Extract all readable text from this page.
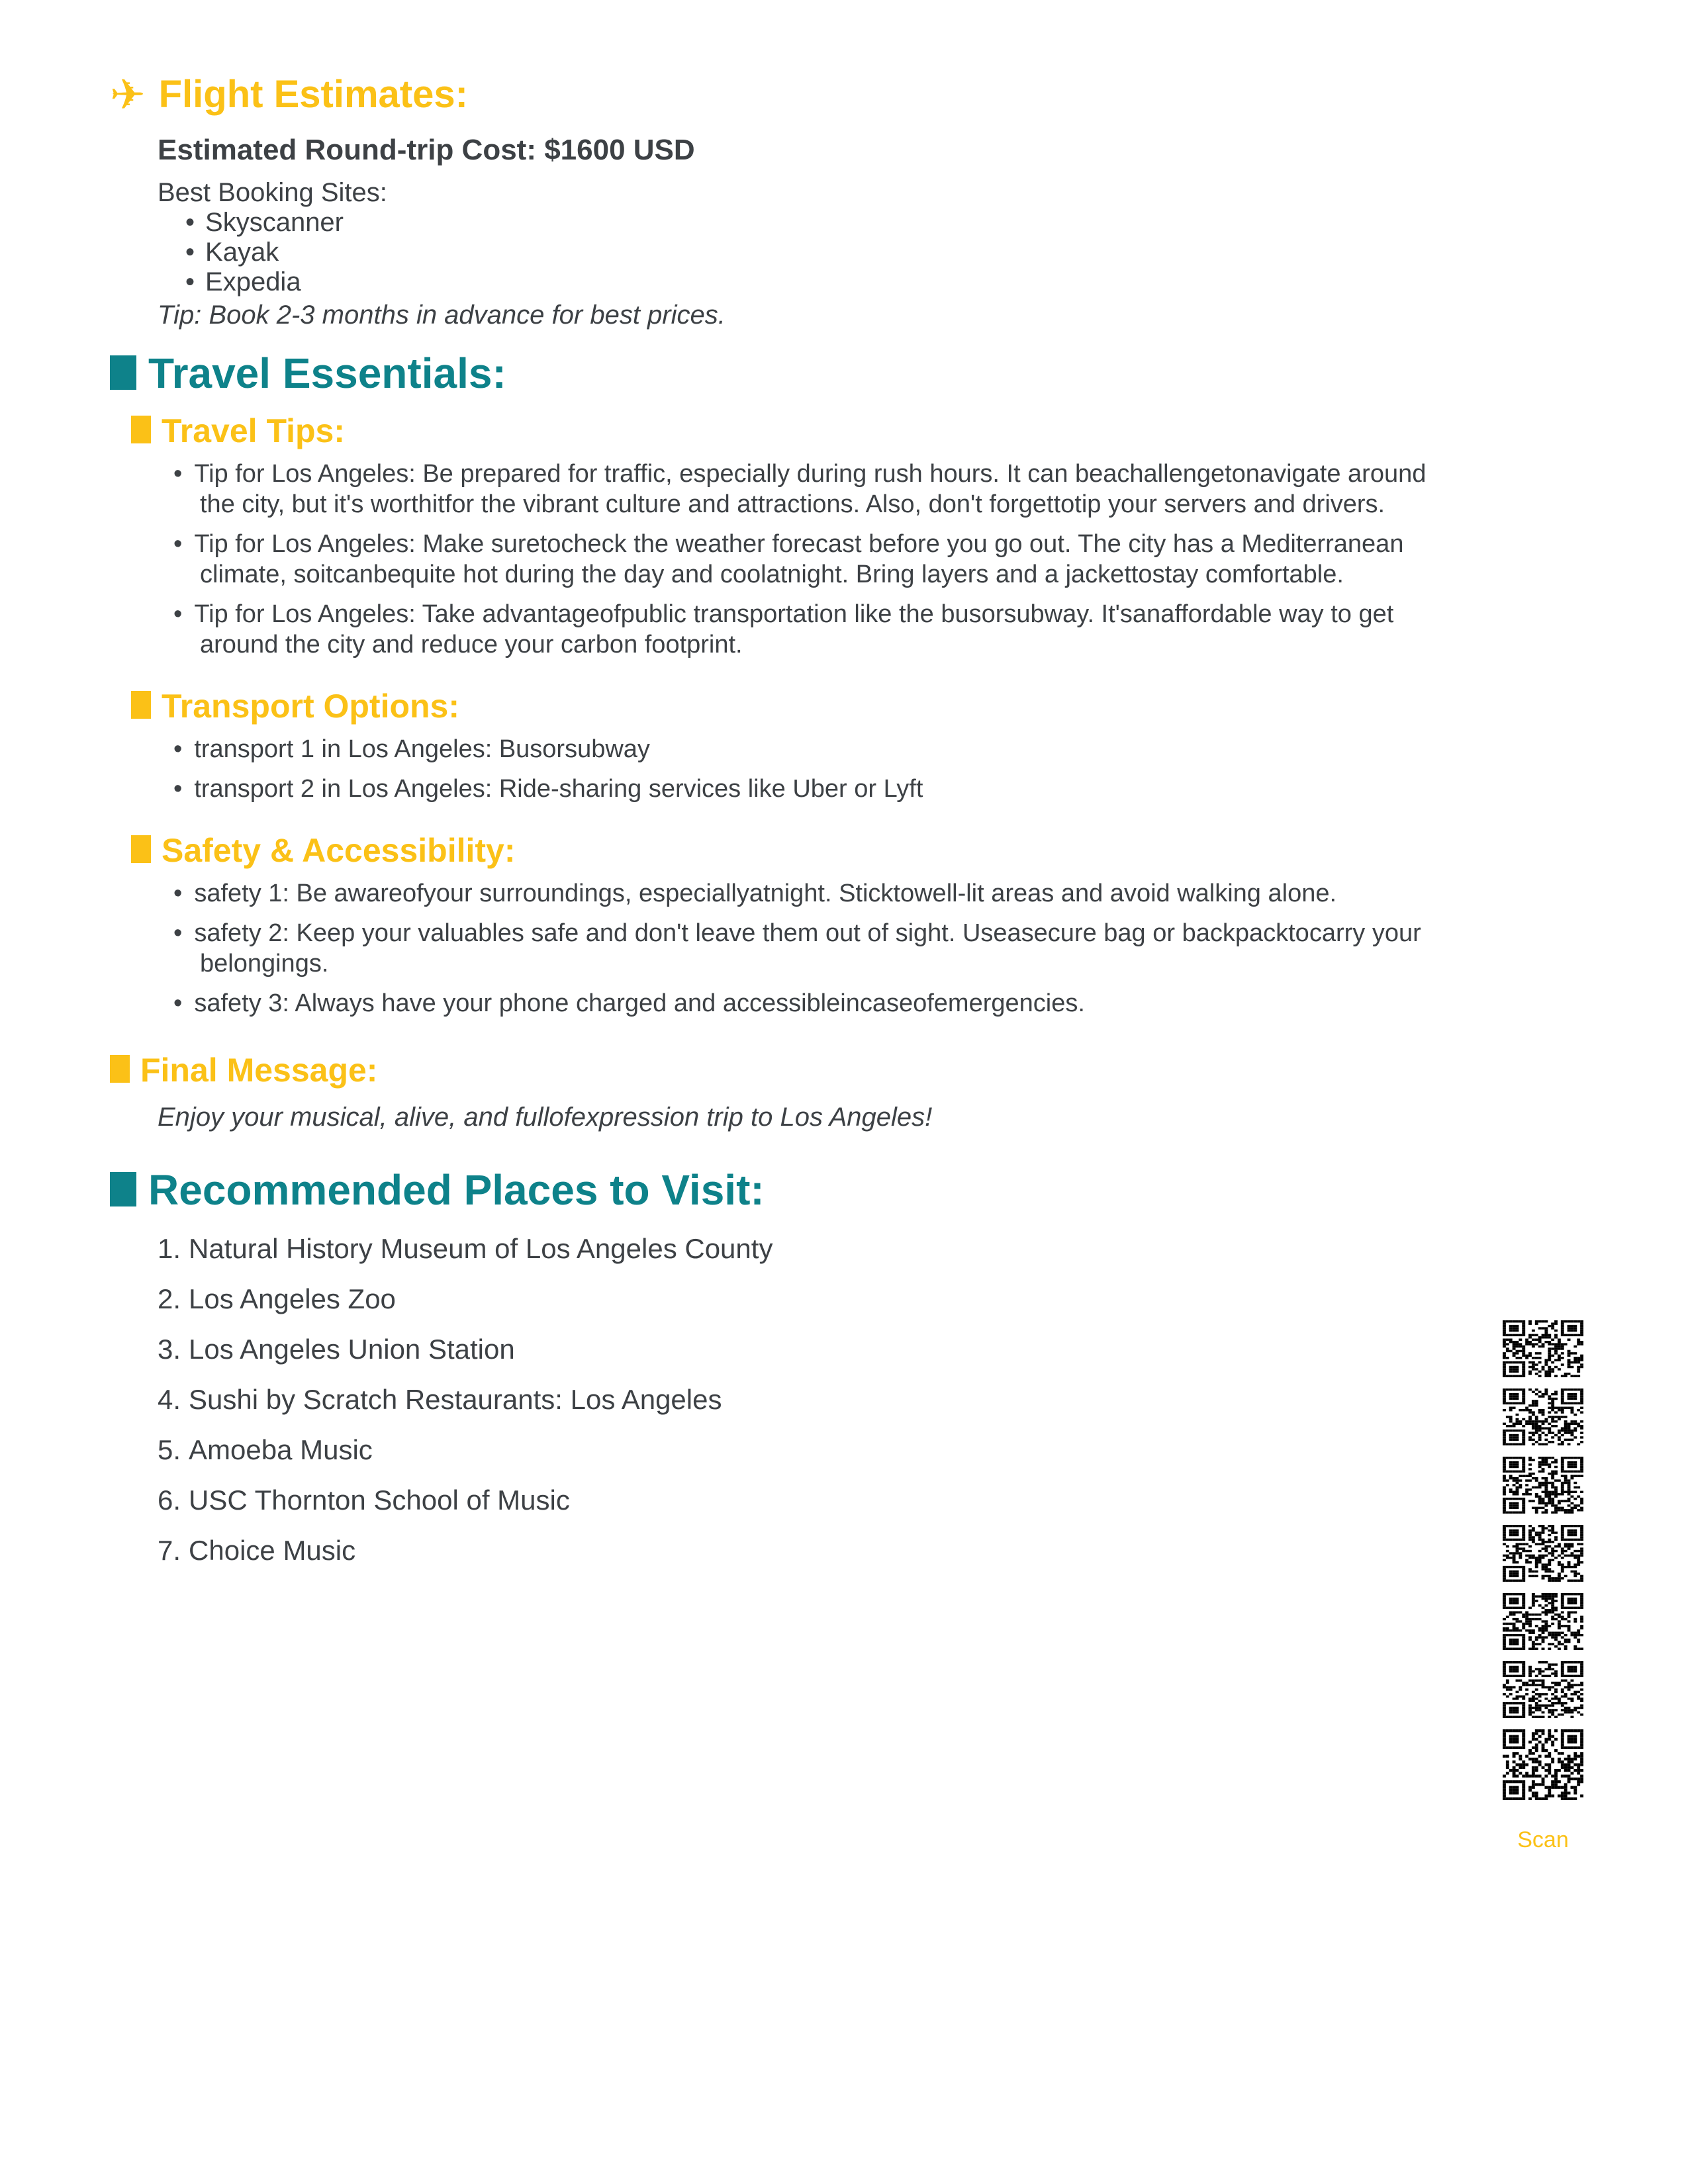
✈ Flight Estimates:
Estimated Round-trip Cost: $1600 USD
Best Booking Sites:
• Skyscanner
• Kayak
• Expedia
Tip: Book 2-3 months in advance for best prices.
Travel Essentials:
Travel Tips:
• Tip for Los Angeles: Be prepared for traffic, especially during rush hours. It can beachallengetonavigate around the city, but it's worthitfor the vibrant culture and attractions. Also, don't forgettotip your servers and drivers.
• Tip for Los Angeles: Make suretocheck the weather forecast before you go out. The city has a Mediterranean climate, soitcanbequite hot during the day and coolatnight. Bring layers and a jackettostay comfortable.
• Tip for Los Angeles: Take advantageofpublic transportation like the busorsubway. It'sanaffordable way to get around the city and reduce your carbon footprint.
Transport Options:
• transport 1 in Los Angeles: Busorsubway
• transport 2 in Los Angeles: Ride-sharing services like Uber or Lyft
Safety & Accessibility:
• safety 1: Be awareofyour surroundings, especiallyatnight. Sticktowell-lit areas and avoid walking alone.
• safety 2: Keep your valuables safe and don't leave them out of sight. Useasecure bag or backpacktocarry your belongings.
• safety 3: Always have your phone charged and accessibleincaseofemergencies.
Final Message:
Enjoy your musical, alive, and fullofexpression trip to Los Angeles!
Recommended Places to Visit:
1. Natural History Museum of Los Angeles County
2. Los Angeles Zoo
3. Los Angeles Union Station
4. Sushi by Scratch Restaurants: Los Angeles
5. Amoeba Music
6. USC Thornton School of Music
7. Choice Music
Scan
